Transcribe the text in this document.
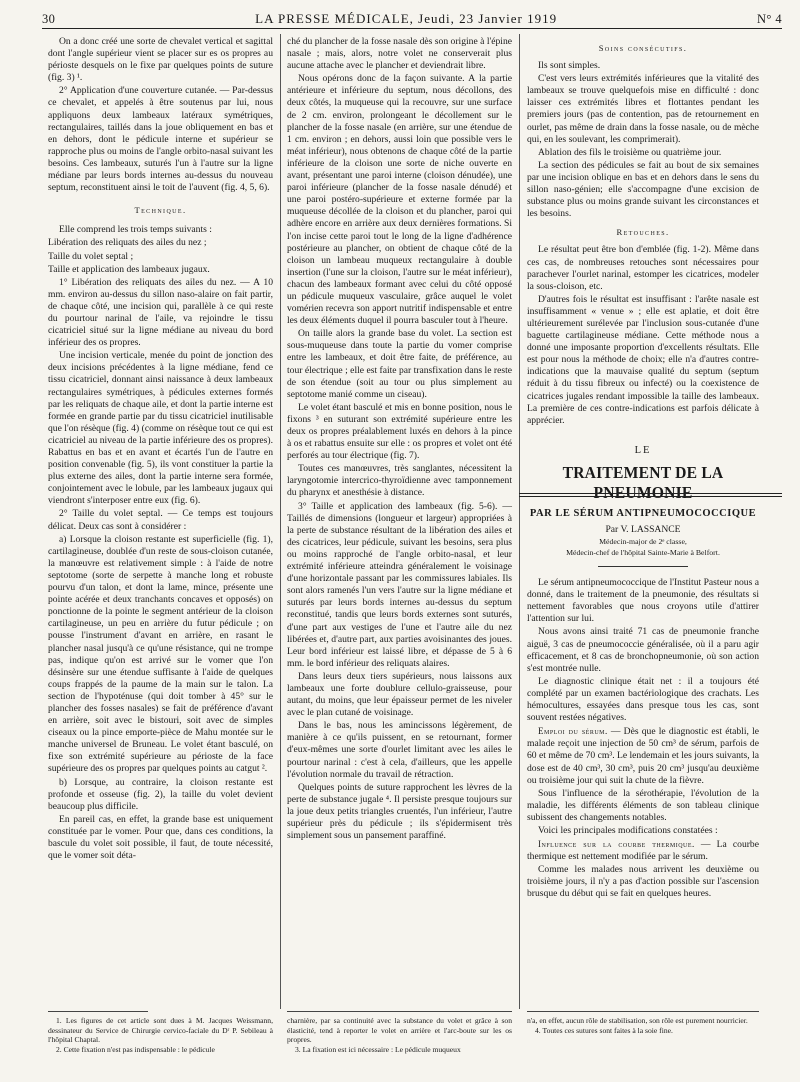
30	LA PRESSE MÉDICALE, Jeudi, 23 Janvier 1919	N° 4

On a donc créé une sorte de chevalet vertical et sagittal dont l'angle supérieur vient se placer sur es os propres au périoste desquels on le fixe par quelques points de suture (fig. 3) ¹.

2° Application d'une couverture cutanée. — Par-dessus ce chevalet, et appelés à être soutenus par lui, nous appliquons deux lambeaux latéraux symétriques, rectangulaires, taillés dans la joue obliquement en bas et en dehors, dont le pédicule interne et supérieur se rapproche plus ou moins de l'angle orbito-nasal suivant les besoins. Ces lambeaux, suturés l'un à l'autre sur la ligne médiane par leurs bords internes au-dessus du nouveau septum, reconstituent ainsi le toit de l'auvent (fig. 4, 5, 6).

Technique.

Elle comprend les trois temps suivants :

Libération des reliquats des ailes du nez ;

Taille du volet septal ;

Taille et application des lambeaux jugaux.

1° Libération des reliquats des ailes du nez. — A 10 mm. environ au-dessus du sillon naso-alaire on fait partir, de chaque côté, une incision qui, parallèle à ce qui reste du pourtour narinal de l'aile, va rejoindre le tissu cicatriciel situé sur la ligne médiane au niveau du bord inférieur des os propres.

Une incision verticale, menée du point de jonction des deux incisions précédentes à la ligne médiane, fend ce tissu cicatriciel, donnant ainsi naissance à deux lambeaux rectangulaires symétriques, à pédicules externes formés par les reliquats de chaque aile, et dont la partie interne est formée en grande partie par du tissu cicatriciel inutilisable que l'on résèque (fig. 4) (comme on résèque tout ce qui est cicatriciel au niveau de la partie inférieure des os propres). Rabattus en bas et en avant et écartés l'un de l'autre en position convenable (fig. 5), ils vont constituer la partie la plus externe des ailes, dont la partie interne sera formée, conjointement avec le lobule, par les lambeaux jugaux qui viendront s'interposer entre eux (fig. 6).

2° Taille du volet septal. — Ce temps est toujours délicat. Deux cas sont à considérer :

a) Lorsque la cloison restante est superficielle (fig. 1), cartilagineuse, doublée d'un reste de sous-cloison cutanée, la manœuvre est relativement simple : à l'aide de notre septotome (sorte de serpette à manche long et robuste pourvu d'un talon, et dont la lame, mince, présente une pointe acérée et deux tranchants concaves et opposés) on ponctionne de la pointe le segment antérieur de la cloison cartilagineuse, un peu en arrière du futur pédicule ; on pousse l'instrument d'avant en arrière, en rasant le plancher nasal jusqu'à ce qu'une résistance, qui ne trompe pas, indique qu'on est arrivé sur le vomer que l'on désinsère sur une étendue suffisante à l'aide de quelques coups frappés de la paume de la main sur le talon. La section de l'hypoténuse (qui doit tomber à 45° sur le plancher des fosses nasales) se fait de préférence d'avant en arrière, soit avec le bistouri, soit avec de simples ciseaux ou la pince emporte-pièce de Mahu montée sur le manche universel de Bruneau. Le volet étant basculé, on fixe son extrémité supérieure au périoste de la face supérieure des os propres par quelques points au catgut ².

b) Lorsque, au contraire, la cloison restante est profonde et osseuse (fig. 2), la taille du volet devient beaucoup plus difficile.

En pareil cas, en effet, la grande base est uniquement constituée par le vomer. Pour que, dans ces conditions, la bascule du volet soit possible, il faut, de toute nécessité, que le vomer soit déta-

ché du plancher de la fosse nasale dès son origine à l'épine nasale ; mais, alors, notre volet ne conserverait plus aucune attache avec le plancher et deviendrait libre.

Nous opérons donc de la façon suivante. A la partie antérieure et inférieure du septum, nous décollons, des deux côtés, la muqueuse qui la recouvre, sur une surface de 2 cm. environ, prolongeant le décollement sur le plancher de la fosse nasale (en arrière, sur une étendue de 1 cm. environ ; en dehors, aussi loin que possible vers le méat inférieur), nous obtenons de chaque côté de la partie inférieure de la cloison une sorte de niche ouverte en avant, présentant une paroi interne (cloison dénudée), une paroi inférieure (plancher de la fosse nasale dénudé) et une paroi postéro-supérieure et externe formée par la muqueuse décollée de la cloison et du plancher, paroi qui adhère encore en arrière aux deux dernières formations. Si l'on incise cette paroi tout le long de la ligne d'adhérence postérieure au plancher, on obtient de chaque côté de la cloison un lambeau muqueux rectangulaire à double insertion (l'une sur la cloison, l'autre sur le méat inférieur), chacun des lambeaux formant avec celui du côté opposé un pédicule muqueux vasculaire, grâce auquel le volet vomérien recevra son apport nutritif indispensable et entre les deux éléments duquel il pourra basculer tout à l'heure.

On taille alors la grande base du volet. La section est sous-muqueuse dans toute la partie du vomer comprise entre les lambeaux, et doit être faite, de préférence, au tour électrique ; elle est faite par transfixation dans le reste de son étendue (soit au tour ou plus simplement au septotome manié comme un ciseau).

Le volet étant basculé et mis en bonne position, nous le fixons ³ en suturant son extrémité supérieure entre les deux os propres préalablement luxés en dehors à la pince à os et rabattus ensuite sur elle : os propres et volet ont été perforés au tour électrique (fig. 7).

Toutes ces manœuvres, très sanglantes, nécessitent la laryngotomie intercrico-thyroïdienne avec tamponnement du pharynx et anesthésie à distance.

3° Taille et application des lambeaux (fig. 5-6). — Taillés de dimensions (longueur et largeur) appropriées à la perte de substance résultant de la libération des ailes et des cicatrices, leur pédicule, suivant les besoins, sera plus ou moins rapproché de l'angle orbito-nasal, et leur extrémité inférieure atteindra généralement le voisinage d'une horizontale passant par les commissures labiales. Ils sont alors ramenés l'un vers l'autre sur la ligne médiane et suturés par leurs bords internes au-dessus du septum reconstitué, tandis que leurs bords externes sont suturés, d'une part aux vestiges de l'une et l'autre aile du nez libérées et, d'autre part, aux parties avoisinantes des joues. Leur bord inférieur est laissé libre, et dépasse de 5 à 6 mm. le bord inférieur des reliquats alaires.

Dans leurs deux tiers supérieurs, nous laissons aux lambeaux une forte doublure cellulo-graisseuse, pour autant, du moins, que leur épaisseur permet de les niveler avec le plan cutané de voisinage.

Dans le bas, nous les amincissons légèrement, de manière à ce qu'ils puissent, en se retournant, former d'eux-mêmes une sorte d'ourlet limitant avec les ailes le pourtour narinal : c'est à cela, d'ailleurs, que les appelle l'évolution normale du travail de rétraction.

Quelques points de suture rapprochent les lèvres de la perte de substance jugale ⁴. Il persiste presque toujours sur la joue deux petits triangles cruentés, l'un inférieur, l'autre supérieur près du pédicule ; ils s'épidermisent très simplement sous un pansement paraffiné.

Soins consécutifs.

Ils sont simples.

C'est vers leurs extrémités inférieures que la vitalité des lambeaux se trouve quelquefois mise en difficulté : donc laisser ces extrémités libres et flottantes pendant les premiers jours (pas de contention, pas de retournement en ourlet, pas même de drain dans la fosse nasale, ou de mèche qui, en les soulevant, les comprimerait).

Ablation des fils le troisième ou quatrième jour.

La section des pédicules se fait au bout de six semaines par une incision oblique en bas et en dehors dans le sens du sillon naso-génien; elle s'accompagne d'une excision de substance plus ou moins grande suivant les circonstances et les besoins.

Retouches.

Le résultat peut être bon d'emblée (fig. 1-2). Même dans ces cas, de nombreuses retouches sont nécessaires pour parachever l'ourlet narinal, estomper les cicatrices, modeler la sous-cloison, etc.

D'autres fois le résultat est insuffisant : l'arête nasale est insuffisamment « venue » ; elle est aplatie, et doit être ultérieurement surélevée par l'inclusion sous-cutanée d'une baguette cartilagineuse médiane. Cette méthode nous a donné une imposante proportion d'excellents résultats. Elle est pour nous la méthode de choix; elle n'a d'autres contre-indications que la mauvaise qualité du septum (septum réduit à du tissu fibreux ou infecté) ou la coexistence de cicatrices jugales rendant impossible la taille des lambeaux. La première de ces contre-indications est parfois délicate à apprécier.

LE
TRAITEMENT DE LA PNEUMONIE
PAR LE SÉRUM ANTIPNEUMOCOCCIQUE
Par V. LASSANCE
Médecin-major de 2ᵉ classe,
Médecin-chef de l'hôpital Sainte-Marie à Belfort.

Le sérum antipneumococcique de l'Institut Pasteur nous a donné, dans le traitement de la pneumonie, des résultats si nettement favorables que nous croyons utile d'attirer l'attention sur lui.

Nous avons ainsi traité 71 cas de pneumonie franche aiguë, 3 cas de pneumococcie généralisée, où il a paru agir efficacement, et 8 cas de bronchopneumonie, où son action s'est montrée nulle.

Le diagnostic clinique était net : il a toujours été complété par un examen bactériologique des crachats. Les hémocultures, essayées dans presque tous les cas, sont souvent restées négatives.

Emploi du sérum. — Dès que le diagnostic est établi, le malade reçoit une injection de 50 cm³ de sérum, parfois de 60 et même de 70 cm³. Le lendemain et les jours suivants, la dose est de 40 cm³, 30 cm³, puis 20 cm³ jusqu'au deuxième ou troisième jour qui suit la chute de la fièvre.

Sous l'influence de la sérothérapie, l'évolution de la maladie, les différents éléments de son tableau clinique subissent des changements notables.

Voici les principales modifications constatées :

Influence sur la courbe thermique. — La courbe thermique est nettement modifiée par le sérum.

Comme les malades nous arrivent les deuxième ou troisième jours, il n'y a pas d'action possible sur l'ascension brusque du début qui se fait en quelques heures.

1. Les figures de cet article sont dues à M. Jacques Weissmann, dessinateur du Service de Chirurgie cervico-faciale du Dʳ P. Sebileau à l'hôpital Chaptal.

2. Cette fixation n'est pas indispensable : le pédicule

charnière, par sa continuité avec la substance du volet et grâce à son élasticité, tend à reporter le volet en arrière et l'arc-boute sur les os propres.

3. La fixation est ici nécessaire : Le pédicule muqueux

n'a, en effet, aucun rôle de stabilisation, son rôle est purement nourricier.

4. Toutes ces sutures sont faites à la soie fine.
